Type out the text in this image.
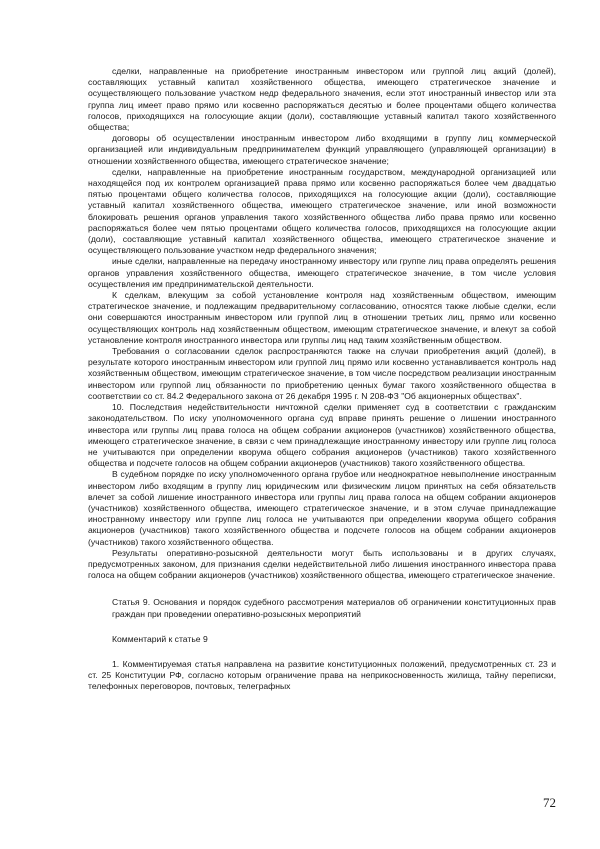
сделки, направленные на приобретение иностранным инвестором или группой лиц акций (долей), составляющих уставный капитал хозяйственного общества, имеющего стратегическое значение и осуществляющего пользование участком недр федерального значения, если этот иностранный инвестор или эта группа лиц имеет право прямо или косвенно распоряжаться десятью и более процентами общего количества голосов, приходящихся на голосующие акции (доли), составляющие уставный капитал такого хозяйственного общества;

договоры об осуществлении иностранным инвестором либо входящими в группу лиц коммерческой организацией или индивидуальным предпринимателем функций управляющего (управляющей организации) в отношении хозяйственного общества, имеющего стратегическое значение;

сделки, направленные на приобретение иностранным государством, международной организацией или находящейся под их контролем организацией права прямо или косвенно распоряжаться более чем двадцатью пятью процентами общего количества голосов, приходящихся на голосующие акции (доли), составляющие уставный капитал хозяйственного общества, имеющего стратегическое значение, или иной возможности блокировать решения органов управления такого хозяйственного общества либо права прямо или косвенно распоряжаться более чем пятью процентами общего количества голосов, приходящихся на голосующие акции (доли), составляющие уставный капитал хозяйственного общества, имеющего стратегическое значение и осуществляющего пользование участком недр федерального значения;

иные сделки, направленные на передачу иностранному инвестору или группе лиц права определять решения органов управления хозяйственного общества, имеющего стратегическое значение, в том числе условия осуществления им предпринимательской деятельности.

К сделкам, влекущим за собой установление контроля над хозяйственным обществом, имеющим стратегическое значение, и подлежащим предварительному согласованию, относятся также любые сделки, если они совершаются иностранным инвестором или группой лиц в отношении третьих лиц, прямо или косвенно осуществляющих контроль над хозяйственным обществом, имеющим стратегическое значение, и влекут за собой установление контроля иностранного инвестора или группы лиц над таким хозяйственным обществом.

Требования о согласовании сделок распространяются также на случаи приобретения акций (долей), в результате которого иностранным инвестором или группой лиц прямо или косвенно устанавливается контроль над хозяйственным обществом, имеющим стратегическое значение, в том числе посредством реализации иностранным инвестором или группой лиц обязанности по приобретению ценных бумаг такого хозяйственного общества в соответствии со ст. 84.2 Федерального закона от 26 декабря 1995 г. N 208-ФЗ "Об акционерных обществах".

10. Последствия недействительности ничтожной сделки применяет суд в соответствии с гражданским законодательством. По иску уполномоченного органа суд вправе принять решение о лишении иностранного инвестора или группы лиц права голоса на общем собрании акционеров (участников) хозяйственного общества, имеющего стратегическое значение, в связи с чем принадлежащие иностранному инвестору или группе лиц голоса не учитываются при определении кворума общего собрания акционеров (участников) такого хозяйственного общества и подсчете голосов на общем собрании акционеров (участников) такого хозяйственного общества.

В судебном порядке по иску уполномоченного органа грубое или неоднократное невыполнение иностранным инвестором либо входящим в группу лиц юридическим или физическим лицом принятых на себя обязательств влечет за собой лишение иностранного инвестора или группы лиц права голоса на общем собрании акционеров (участников) хозяйственного общества, имеющего стратегическое значение, и в этом случае принадлежащие иностранному инвестору или группе лиц голоса не учитываются при определении кворума общего собрания акционеров (участников) такого хозяйственного общества и подсчете голосов на общем собрании акционеров (участников) такого хозяйственного общества.

Результаты оперативно-розыскной деятельности могут быть использованы и в других случаях, предусмотренных законом, для признания сделки недействительной либо лишения иностранного инвестора права голоса на общем собрании акционеров (участников) хозяйственного общества, имеющего стратегическое значение.

Статья 9. Основания и порядок судебного рассмотрения материалов об ограничении конституционных прав граждан при проведении оперативно-розыскных мероприятий

Комментарий к статье 9

1. Комментируемая статья направлена на развитие конституционных положений, предусмотренных ст. 23 и ст. 25 Конституции РФ, согласно которым ограничение права на неприкосновенность жилища, тайну переписки, телефонных переговоров, почтовых, телеграфных

72
